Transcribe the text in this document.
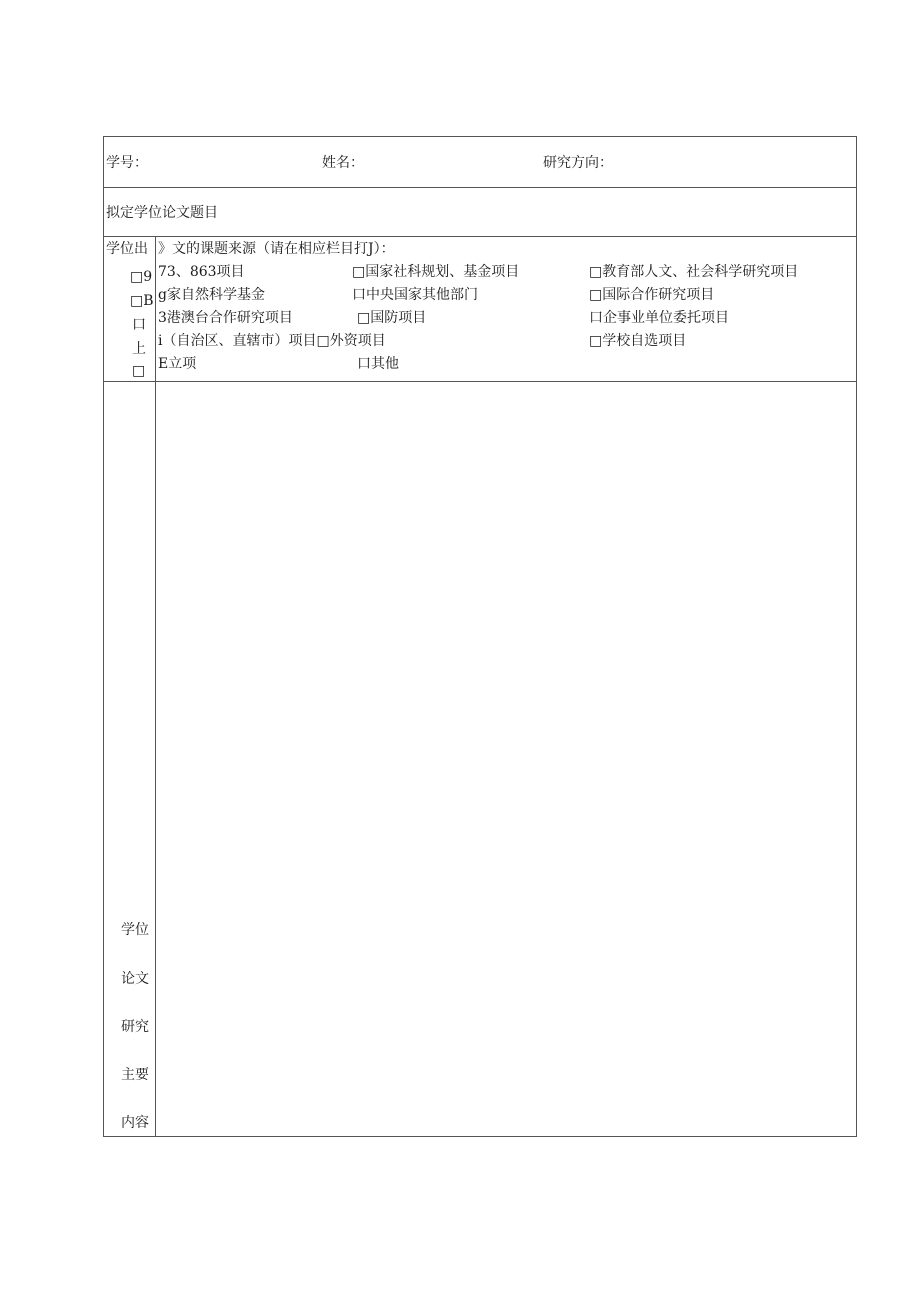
学号：	姓名：	研究方向：
拟定学位论文题目
学位出
□9
□B
口
上
□
》文的课题来源（请在相应栏目打J）：
73、863项目
g家自然科学基金
3港澳台合作研究项目
i（自治区、直辖市）项目□外资项目
E立项
□国家社科规划、基金项目
口中央国家其他部门
□国防项目
口其他
□教育部人文、社会科学研究项目
□国际合作研究项目
口企事业单位委托项目
□学校自选项目
学位
论文
研究
主要
内容
